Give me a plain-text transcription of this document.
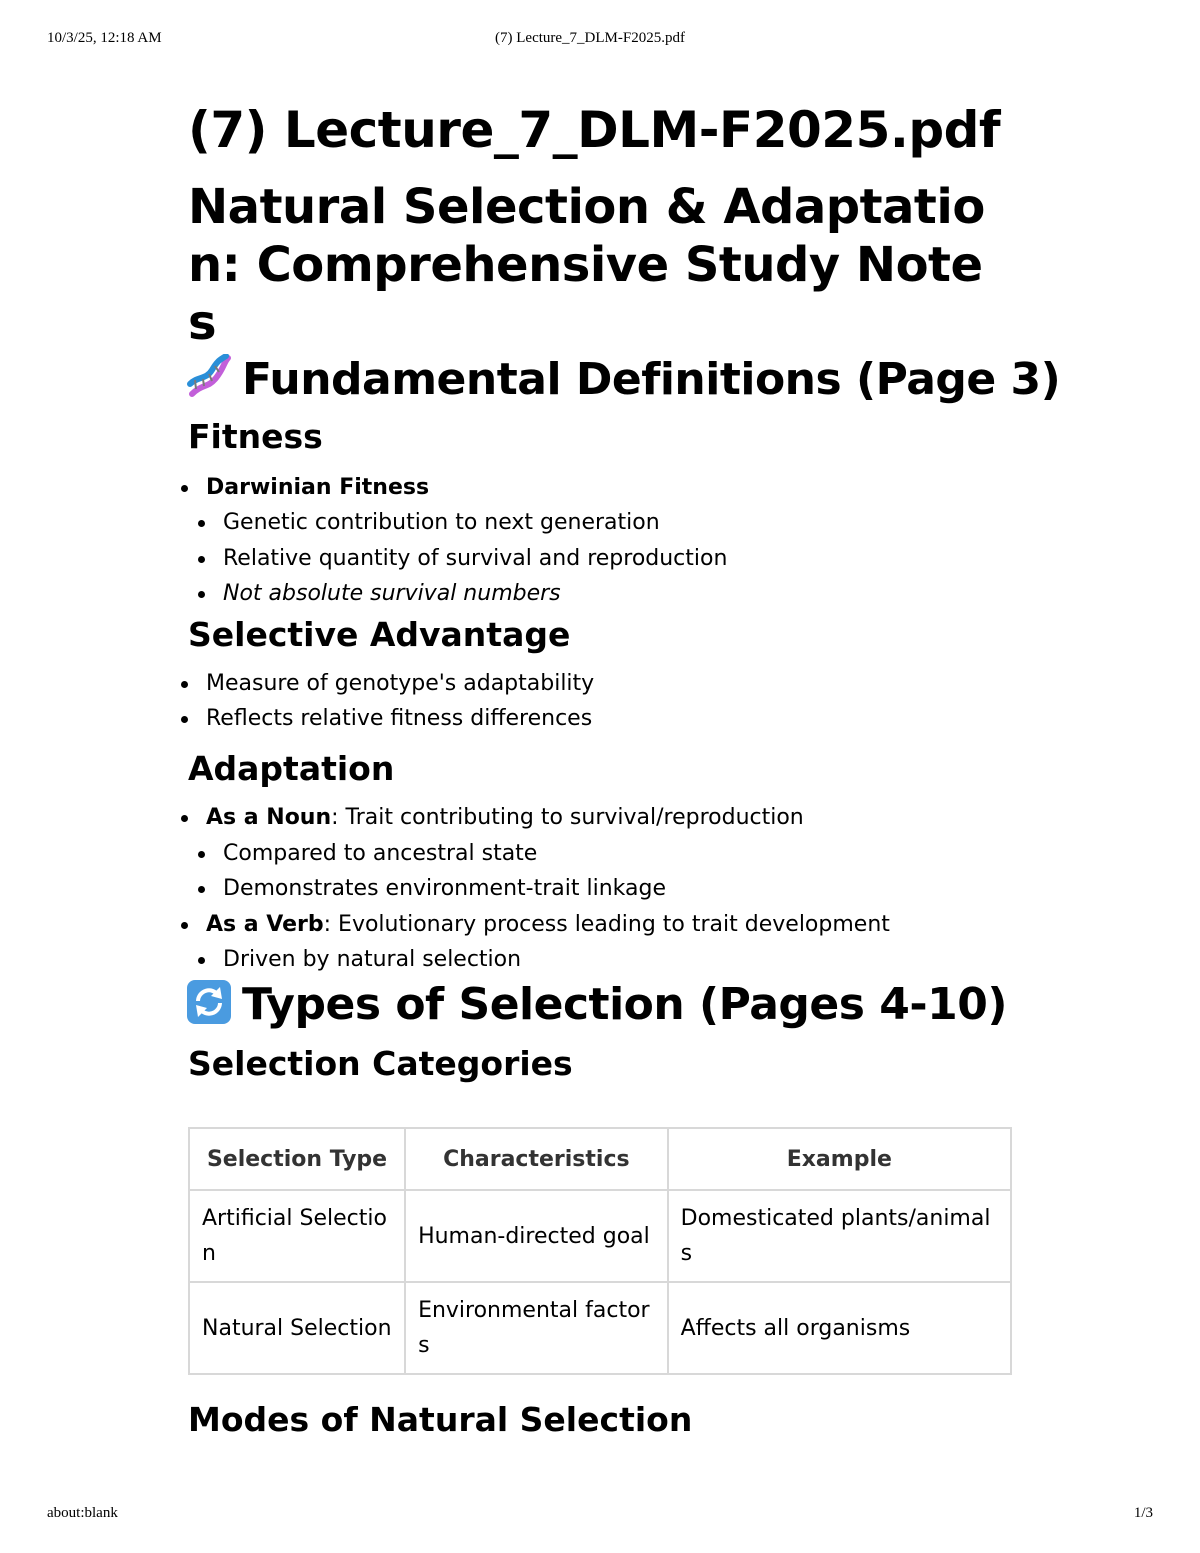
10/3/25, 12:18 AM	(7) Lecture_7_DLM-F2025.pdf
(7) Lecture_7_DLM-F2025.pdf
Natural Selection & Adaptation: Comprehensive Study Notes
Fundamental Definitions (Page 3)
Fitness
Darwinian Fitness
Genetic contribution to next generation
Relative quantity of survival and reproduction
Not absolute survival numbers
Selective Advantage
Measure of genotype's adaptability
Reflects relative fitness differences
Adaptation
As a Noun: Trait contributing to survival/reproduction
Compared to ancestral state
Demonstrates environment-trait linkage
As a Verb: Evolutionary process leading to trait development
Driven by natural selection
Types of Selection (Pages 4-10)
Selection Categories
Selection Type	Characteristics	Example
Artificial Selection	Human-directed goal	Domesticated plants/animals
Natural Selection	Environmental factors	Affects all organisms
Modes of Natural Selection
about:blank	1/3
